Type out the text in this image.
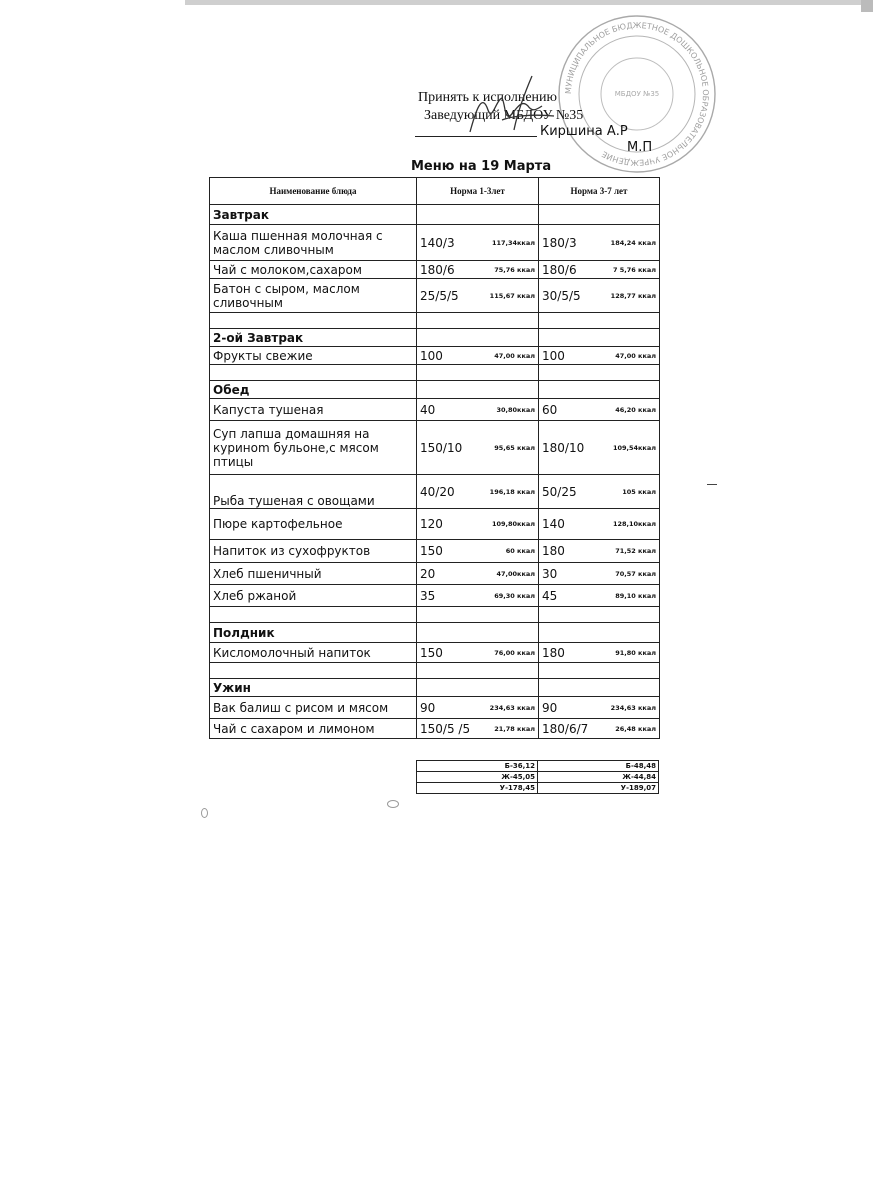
МУНИЦИПАЛЬНОЕ БЮДЖЕТНОЕ ДОШКОЛЬНОЕ ОБРАЗОВАТЕЛЬНОЕ УЧРЕЖДЕНИЕ
МБДОУ №35
Принять к исполнению
Заведующий МБДОУ №35
Киршина А.Р
М.П
Меню на 19 Марта
Наименование блюда	Норма 1-3лет	Норма 3-7 лет
Завтрак		
Каша пшенная молочная с маслом сливочным	140/3 117,34ккал	180/3 184,24 ккал

Чай с молоком,сахаром	180/6 75,76 ккал	180/6 7 5,76 ккал

Батон с сыром, маслом сливочным	25/5/5 115,67 ккал	30/5/5 128,77 ккал

2-ой Завтрак		
Фрукты свежие	100 47,00 ккал	100 47,00 ккал

Обед		
Капуста тушеная	40 30,80ккал	60 46,20 ккал

Суп лапша домашняя на куриноm бульоне,с мясом птицы	150/10 95,65 ккал	180/10 109,54ккал

Рыба тушеная с овощами	40/20 196,18 ккал	50/25 105 ккал

Пюре картофельное	120 109,80ккал	140 128,10ккал

Напиток из сухофруктов	150 60 ккал	180 71,52 ккал

Хлеб пшеничный	20 47,00ккал	30 70,57 ккал

Хлеб ржаной	35 69,30 ккал	45 89,10 ккал

Полдник		
Кисломолочный напиток	150 76,00 ккал	180 91,80 ккал

Ужин		
Вак балиш с рисом и мясом	90 234,63 ккал	90 234,63 ккал

Чай с сахаром и лимоном	150/5 /5 21,78 ккал	180/6/7 26,48 ккал
Б-36,12	Б-48,48
Ж-45,05	Ж-44,84
У-178,45	У-189,07
